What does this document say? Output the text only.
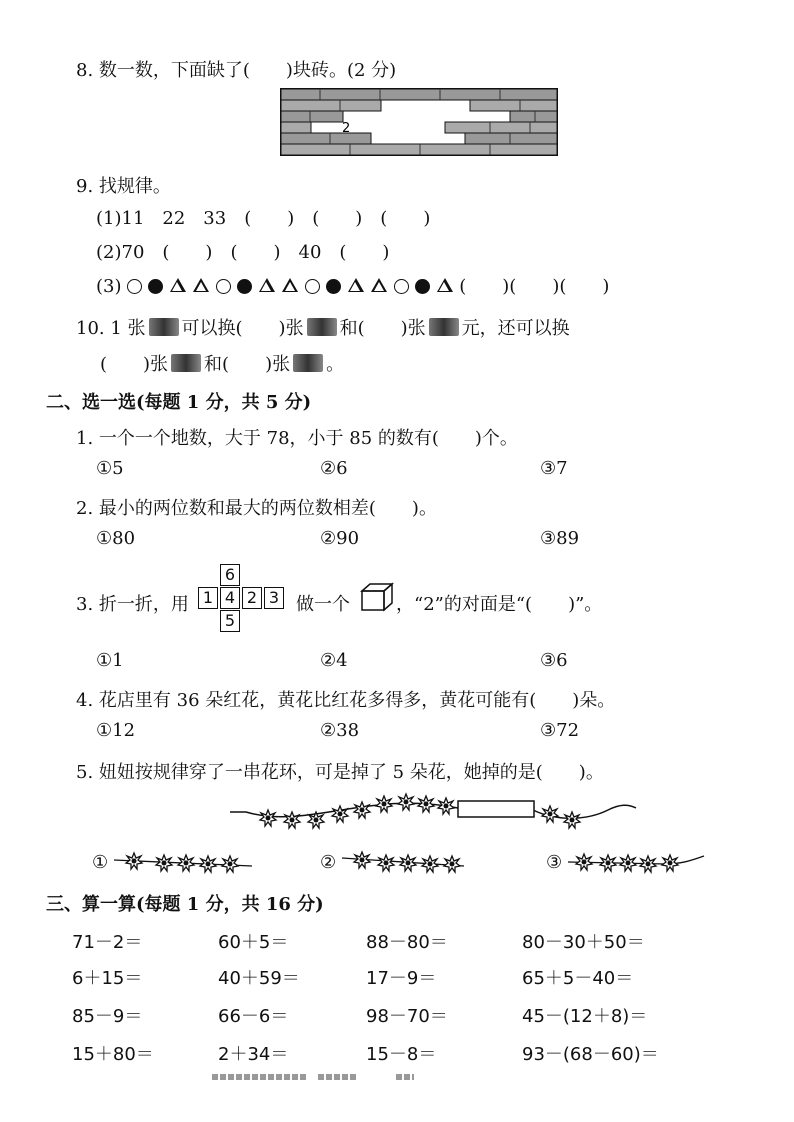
8. 数一数，下面缺了(　　)块砖。(2 分)
2
9. 找规律。
(1)11　22　33　(　　)　(　　)　(　　)
(2)70　(　　)　(　　)　40　(　　)
(3)	(　　)(　　)(　　)
10. 1 张 可以换(　　)张 和(　　)张 元，还可以换
(　　)张 和(　　)张 。
二、选一选(每题 1 分，共 5 分)
1. 一个一个地数，大于 78，小于 85 的数有(　　)个。
①5	②6	③7
2. 最小的两位数和最大的两位数相差(　　)。
①80	②90	③89
3. 折一折，用
6
1 4 2 3
5
做一个	，“2”的对面是“(　　)”。
①1	②4	③6
4. 花店里有 36 朵红花，黄花比红花多得多，黄花可能有(　　)朵。
①12	②38	③72
5. 妞妞按规律穿了一串花环，可是掉了 5 朵花，她掉的是(　　)。
①	②	③
三、算一算(每题 1 分，共 16 分)
71－2＝	60＋5＝	88－80＝	80－30＋50＝
6＋15＝	40＋59＝	17－9＝	65＋5－40＝
85－9＝	66－6＝	98－70＝	45－(12＋8)＝
15＋80＝	2＋34＝	15－8＝	93－(68－60)＝
